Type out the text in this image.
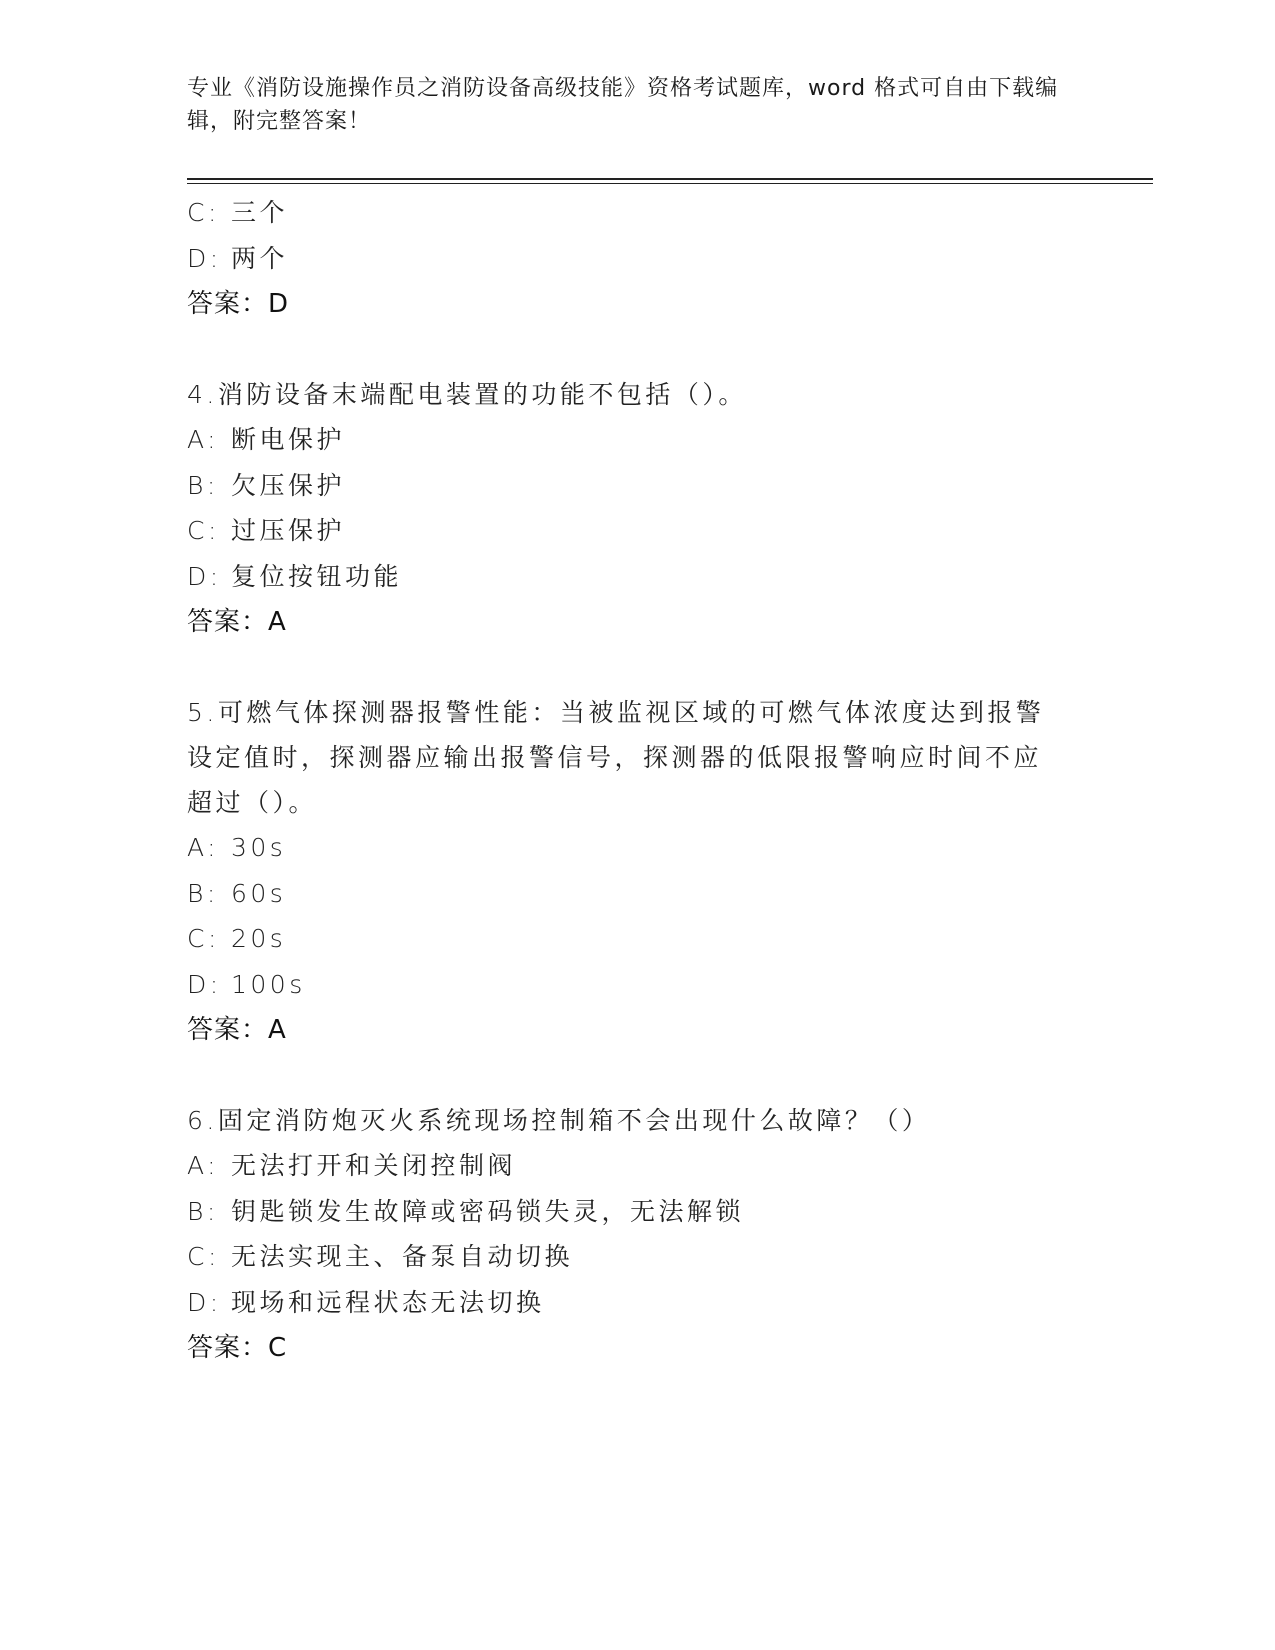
专业《消防设施操作员之消防设备高级技能》资格考试题库，word 格式可自由下载编辑，附完整答案！
C: 三个
D: 两个
答案：D
4.消防设备末端配电装置的功能不包括（）。
A: 断电保护
B: 欠压保护
C: 过压保护
D: 复位按钮功能
答案：A
5.可燃气体探测器报警性能：当被监视区域的可燃气体浓度达到报警设定值时，探测器应输出报警信号，探测器的低限报警响应时间不应超过（）。
A: 30s
B: 60s
C: 20s
D: 100s
答案：A
6.固定消防炮灭火系统现场控制箱不会出现什么故障？（）
A: 无法打开和关闭控制阀
B: 钥匙锁发生故障或密码锁失灵，无法解锁
C: 无法实现主、备泵自动切换
D: 现场和远程状态无法切换
答案：C
